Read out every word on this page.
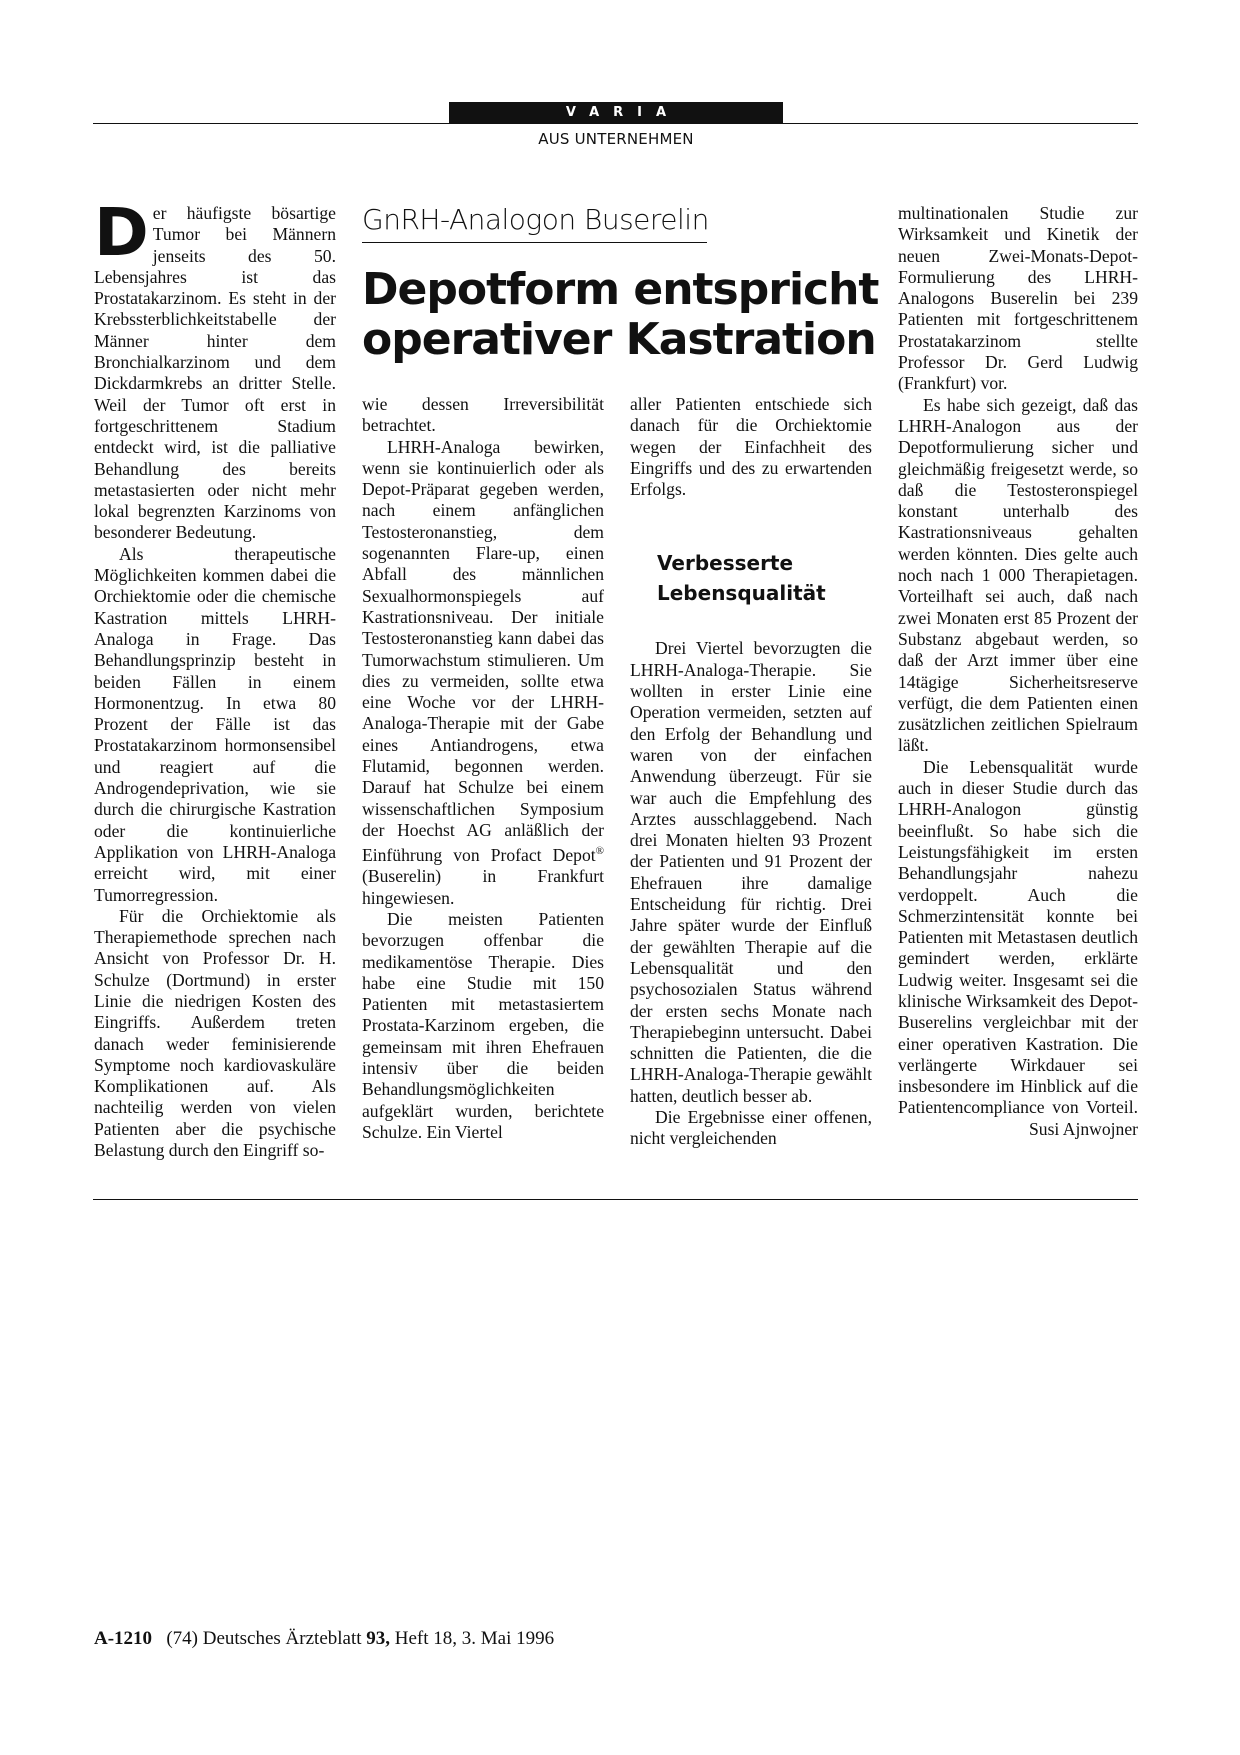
VARIA
AUS UNTERNEHMEN
GnRH-Analogon Buserelin
Depotform entspricht operativer Kastration

Der häufigste bösartige Tumor bei Männern jenseits des 50. Lebensjahres ist das Prostatakarzinom. Es steht in der Krebssterblichkeitstabelle der Männer hinter dem Bronchialkarzinom und dem Dickdarmkrebs an dritter Stelle. Weil der Tumor oft erst in fortgeschrittenem Stadium entdeckt wird, ist die palliative Behandlung des bereits metastasierten oder nicht mehr lokal begrenzten Karzinoms von besonderer Bedeutung.

Als therapeutische Möglichkeiten kommen dabei die Orchiektomie oder die chemische Kastration mittels LHRH-Analoga in Frage. Das Behandlungsprinzip besteht in beiden Fällen in einem Hormonentzug. In etwa 80 Prozent der Fälle ist das Prostatakarzinom hormonsensibel und reagiert auf die Androgendeprivation, wie sie durch die chirurgische Kastration oder die kontinuierliche Applikation von LHRH-Analoga erreicht wird, mit einer Tumorregression.

Für die Orchiektomie als Therapiemethode sprechen nach Ansicht von Professor Dr. H. Schulze (Dortmund) in erster Linie die niedrigen Kosten des Eingriffs. Außerdem treten danach weder feminisierende Symptome noch kardiovaskuläre Komplikationen auf. Als nachteilig werden von vielen Patienten aber die psychische Belastung durch den Eingriff so-

wie dessen Irreversibilität betrachtet.

LHRH-Analoga bewirken, wenn sie kontinuierlich oder als Depot-Präparat gegeben werden, nach einem anfänglichen Testosteronanstieg, dem sogenannten Flare-up, einen Abfall des männlichen Sexualhormonspiegels auf Kastrationsniveau. Der initiale Testosteronanstieg kann dabei das Tumorwachstum stimulieren. Um dies zu vermeiden, sollte etwa eine Woche vor der LHRH-Analoga-Therapie mit der Gabe eines Antiandrogens, etwa Flutamid, begonnen werden. Darauf hat Schulze bei einem wissenschaftlichen Symposium der Hoechst AG anläßlich der Einführung von Profact Depot® (Buserelin) in Frankfurt hingewiesen.

Die meisten Patienten bevorzugen offenbar die medikamentöse Therapie. Dies habe eine Studie mit 150 Patienten mit metastasiertem Prostata-Karzinom ergeben, die gemeinsam mit ihren Ehefrauen intensiv über die beiden Behandlungsmöglichkeiten aufgeklärt wurden, berichtete Schulze. Ein Viertel

aller Patienten entschiede sich danach für die Orchiektomie wegen der Einfachheit des Eingriffs und des zu erwartenden Erfolgs.

Verbesserte
Lebensqualität

Drei Viertel bevorzugten die LHRH-Analoga-Therapie. Sie wollten in erster Linie eine Operation vermeiden, setzten auf den Erfolg der Behandlung und waren von der einfachen Anwendung überzeugt. Für sie war auch die Empfehlung des Arztes ausschlaggebend. Nach drei Monaten hielten 93 Prozent der Patienten und 91 Prozent der Ehefrauen ihre damalige Entscheidung für richtig. Drei Jahre später wurde der Einfluß der gewählten Therapie auf die Lebensqualität und den psychosozialen Status während der ersten sechs Monate nach Therapiebeginn untersucht. Dabei schnitten die Patienten, die die LHRH-Analoga-Therapie gewählt hatten, deutlich besser ab.

Die Ergebnisse einer offenen, nicht vergleichenden

multinationalen Studie zur Wirksamkeit und Kinetik der neuen Zwei-Monats-Depot-Formulierung des LHRH-Analogons Buserelin bei 239 Patienten mit fortgeschrittenem Prostatakarzinom stellte Professor Dr. Gerd Ludwig (Frankfurt) vor.

Es habe sich gezeigt, daß das LHRH-Analogon aus der Depotformulierung sicher und gleichmäßig freigesetzt werde, so daß die Testosteronspiegel konstant unterhalb des Kastrationsniveaus gehalten werden könnten. Dies gelte auch noch nach 1 000 Therapietagen. Vorteilhaft sei auch, daß nach zwei Monaten erst 85 Prozent der Substanz abgebaut werden, so daß der Arzt immer über eine 14tägige Sicherheitsreserve verfügt, die dem Patienten einen zusätzlichen zeitlichen Spielraum läßt.

Die Lebensqualität wurde auch in dieser Studie durch das LHRH-Analogon günstig beeinflußt. So habe sich die Leistungsfähigkeit im ersten Behandlungsjahr nahezu verdoppelt. Auch die Schmerzintensität konnte bei Patienten mit Metastasen deutlich gemindert werden, erklärte Ludwig weiter. Insgesamt sei die klinische Wirksamkeit des Depot-Buserelins vergleichbar mit der einer operativen Kastration. Die verlängerte Wirkdauer sei insbesondere im Hinblick auf die Patientencompliance von Vorteil.
Susi Ajnwojner

A-1210 (74) Deutsches Ärzteblatt 93, Heft 18, 3. Mai 1996
